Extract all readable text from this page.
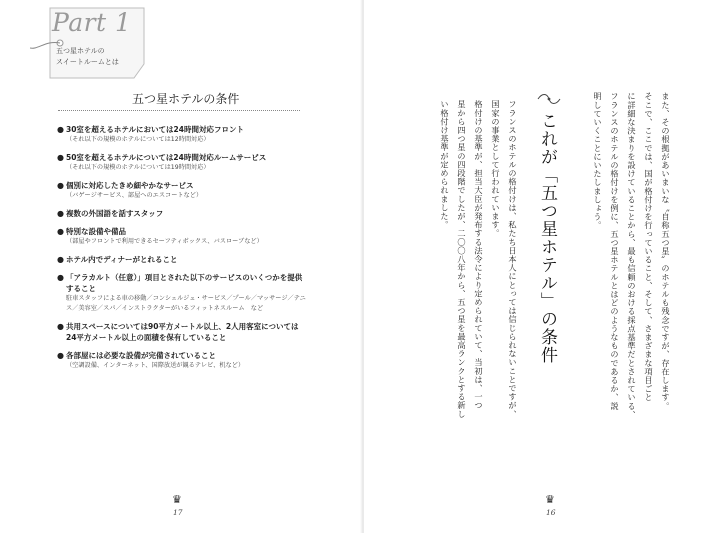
Part 1
五つ星ホテルの
スイートルームとは
五つ星ホテルの条件
● 30室を超えるホテルにおいては24時間対応フロント
（それ以下の規模のホテルについては12時間対応）
● 50室を超えるホテルについては24時間対応ルームサービス
（それ以下の規模のホテルについては19時間対応）
● 個別に対応したきめ細やかなサービス
（バゲージサービス、部屋へのエスコートなど）
● 複数の外国語を話すスタッフ
● 特別な設備や備品
（部屋やフロントで利用できるセーフティボックス、バスローブなど）
● ホテル内でディナーがとれること
● 「アラカルト（任意）」項目とされた以下のサービスのいくつかを提供すること
駐車スタッフによる車の移動／コンシェルジュ・サービス／プール／マッサージ／テニス／美容室／スパ／インストラクターがいるフィットネスルーム　など
● 共用スペースについては90平方メートル以上、2人用客室については24平方メートル以上の面積を保有していること
● 各部屋には必要な設備が完備されていること
（空調設備、インターネット、国際放送が観るテレビ、机など）
♛
17
また、その根拠があいまいな〝自称五つ星〟のホテルも残念ですが、存在します。
そこで、ここでは、国が格付けを行っていること、そして、さまざまな項目ごと
に詳細な決まりを設けていることから、最も信頼のおける採点基準だとされている、
フランスのホテルの格付けを例に、五つ星ホテルとはどのようなものであるか、説
明していくことにいたしましょう。
これが「五つ星ホテル」の条件
フランスのホテルの格付けは、私たち日本人にとっては信じられないことですが、
国家の事業として行われています。
格付けの基準が、担当大臣が発布する法令により定められていて、当初は、一つ
星から四つ星の四段階でしたが、二〇〇八年から、五つ星を最高ランクとする新し
い格付け基準が定められました。
♛
16
